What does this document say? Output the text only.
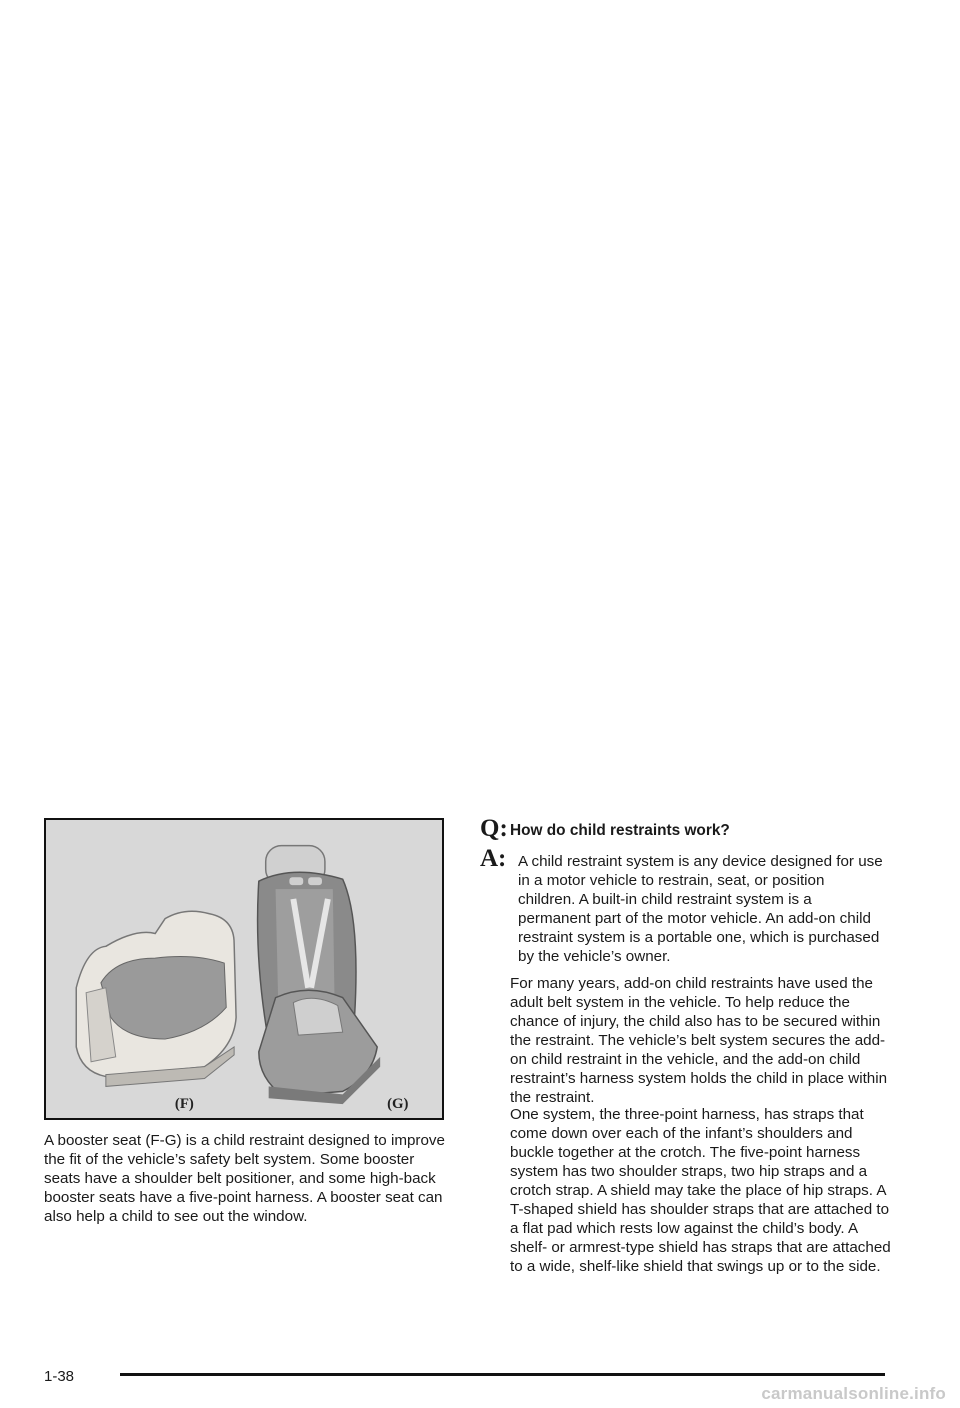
(F)	(G)
A booster seat (F-G) is a child restraint designed to improve the fit of the vehicle’s safety belt system. Some booster seats have a shoulder belt positioner, and some high-back booster seats have a five-point harness. A booster seat can also help a child to see out the window.
Q: How do child restraints work?
A: A child restraint system is any device designed for use in a motor vehicle to restrain, seat, or position children. A built-in child restraint system is a permanent part of the motor vehicle. An add-on child restraint system is a portable one, which is purchased by the vehicle’s owner.
For many years, add-on child restraints have used the adult belt system in the vehicle. To help reduce the chance of injury, the child also has to be secured within the restraint. The vehicle’s belt system secures the add-on child restraint in the vehicle, and the add-on child restraint’s harness system holds the child in place within the restraint.
One system, the three-point harness, has straps that come down over each of the infant’s shoulders and buckle together at the crotch. The five-point harness system has two shoulder straps, two hip straps and a crotch strap. A shield may take the place of hip straps. A T-shaped shield has shoulder straps that are attached to a flat pad which rests low against the child’s body. A shelf- or armrest-type shield has straps that are attached to a wide, shelf-like shield that swings up or to the side.
1-38
carmanualsonline.info
